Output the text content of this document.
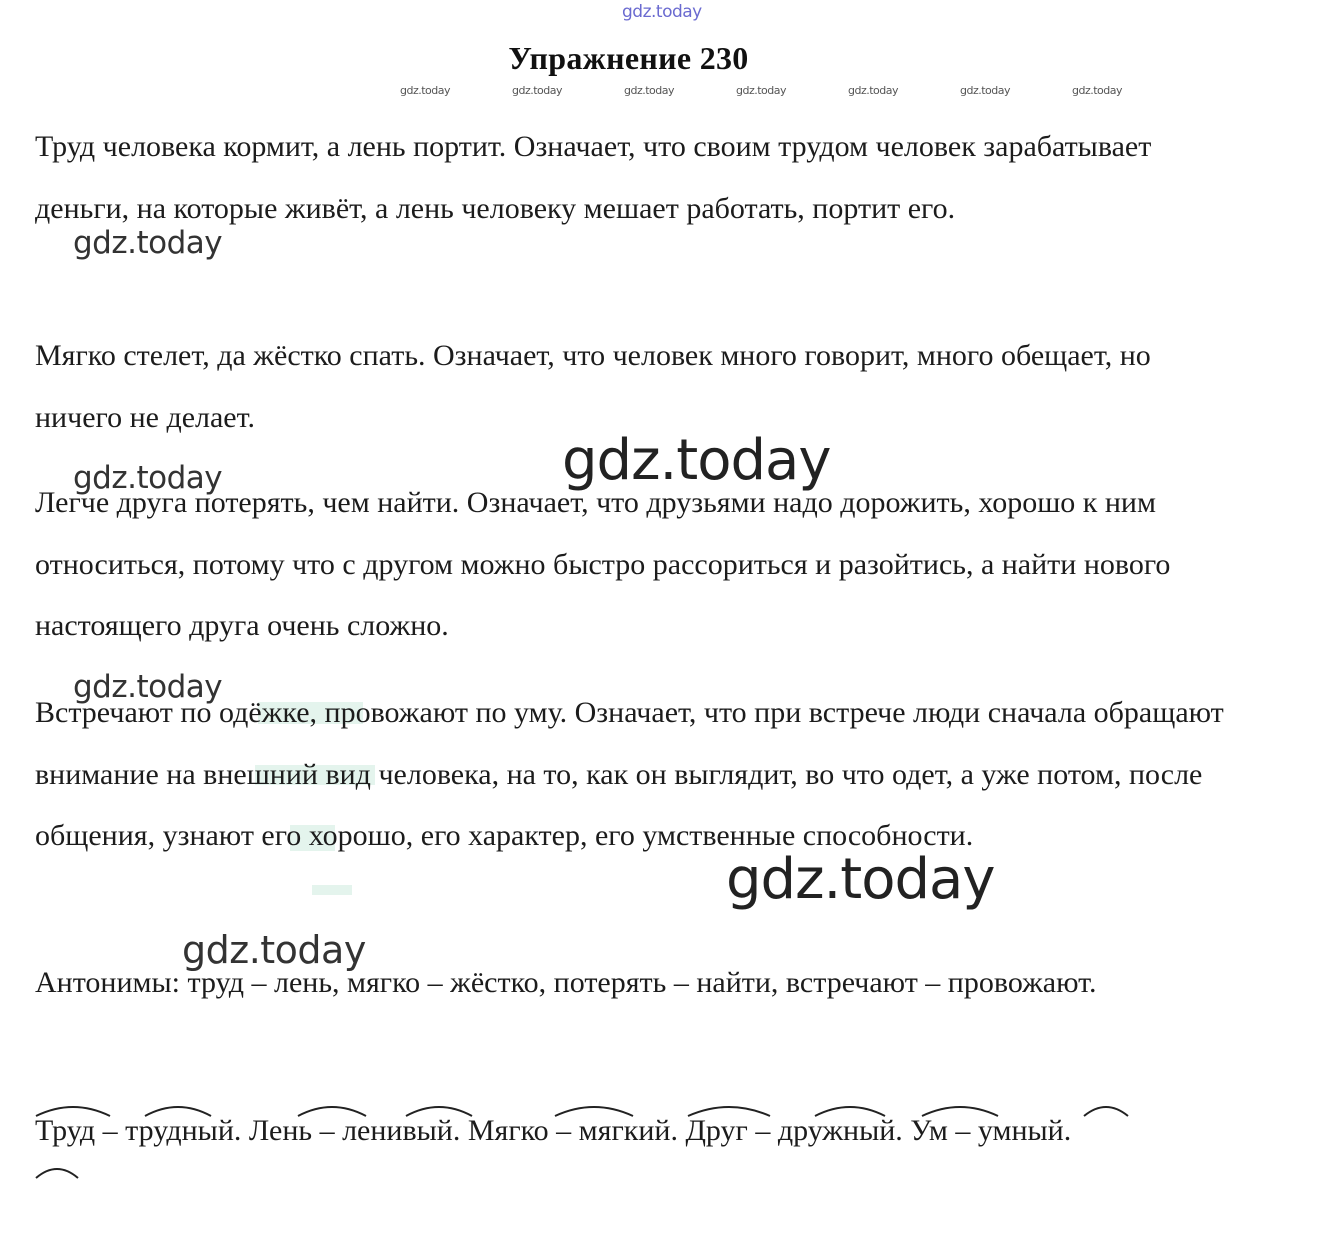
gdz.today
Упражнение 230
gdz.today	gdz.today	gdz.today	gdz.today	gdz.today	gdz.today	gdz.today
Труд человека кормит, а лень портит. Означает, что своим трудом человек зарабатывает деньги, на которые живёт, а лень человеку мешает работать, портит его.
Мягко стелет, да жёстко спать. Означает, что человек много говорит, много обещает, но ничего не делает.
Легче друга потерять, чем найти. Означает, что друзьями надо дорожить, хорошо к ним относиться, потому что с другом можно быстро рассориться и разойтись, а найти нового настоящего друга очень сложно.
Встречают по одёжке, провожают по уму. Означает, что при встрече люди сначала обращают внимание на внешний вид человека, на то, как он выглядит, во что одет, а уже потом, после общения, узнают его хорошо, его характер, его умственные способности.
Антонимы: труд – лень, мягко – жёстко, потерять – найти, встречают – провожают.
Труд – трудный. Лень – ленивый. Мягко – мягкий. Друг – дружный. Ум – умный.
gdz.today
gdz.today
gdz.today
gdz.today
gdz.today
gdz.today
